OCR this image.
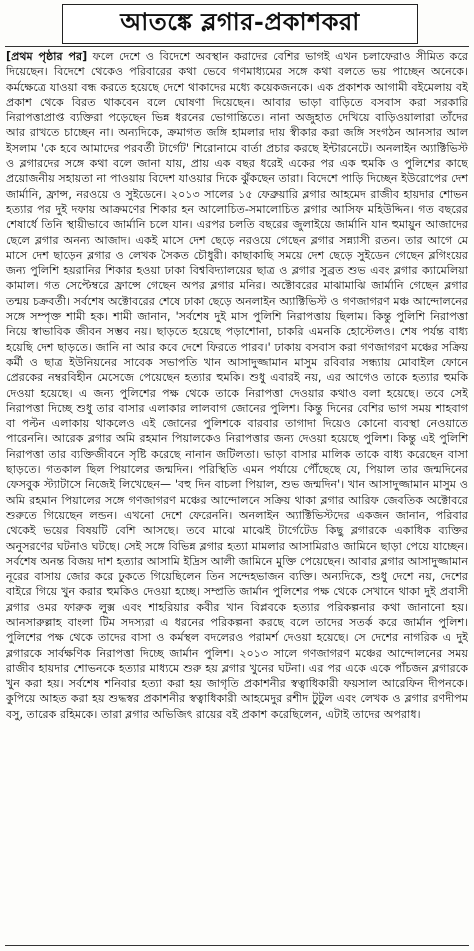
আতঙ্কে ব্লগার-প্রকাশকরা

[প্রথম পৃষ্ঠার পর] ফলে দেশে ও বিদেশে অবস্থান করাদের বেশির ভাগই এখন চলাফেরাও সীমিত করে দিয়েছেন। বিদেশে থেকেও পরিবারের কথা ভেবে গণমাধ্যমের সঙ্গে কথা বলতে ভয় পাচ্ছেন অনেকে। কর্মক্ষেত্রে যাওয়া বন্ধ করতে হয়েছে দেশে থাকাদের মধ্যে কয়েকজনকে। এক প্রকাশক আগামী বইমেলায় বই প্রকাশ থেকে বিরত থাকবেন বলে ঘোষণা দিয়েছেন। আবার ভাড়া বাড়িতে বসবাস করা সরকারি নিরাপত্তাপ্রাপ্ত ব্যক্তিরা পড়েছেন ভিন্ন ধরনের ভোগান্তিতে। নানা অজুহাত দেখিয়ে বাড়িওয়ালারা তাঁদের আর রাখতে চাচ্ছেন না। অন্যদিকে, ক্রমাগত জঙ্গি হামলার দায় স্বীকার করা জঙ্গি সংগঠন আনসার আল ইসলাম 'কে হবে আমাদের পরবর্তী টার্গেট' শিরোনামে বার্তা প্রচার করছে ইন্টারনেটে। অনলাইন অ্যাক্টিভিস্ট ও ব্লগারদের সঙ্গে কথা বলে জানা যায়, প্রায় এক বছর ধরেই একের পর এক হুমকি ও পুলিশের কাছে প্রয়োজনীয় সহায়তা না পাওয়ায় বিদেশ যাওয়ার দিকে ঝুঁকছেন তারা। বিদেশে পাড়ি দিচ্ছেন ইউরোপের দেশ জার্মানি, ফ্রান্স, নরওয়ে ও সুইডেনে। ২০১৩ সালের ১৫ ফেব্রুয়ারি ব্লগার আহমেদ রাজীব হায়দার শোভন হত্যার পর দুই দফায় আক্রমণের শিকার হন আলোচিত-সমালোচিত ব্লগার আসিফ মহিউদ্দিন। গত বছরের শেষার্ধে তিনি স্থায়ীভাবে জার্মানি চলে যান। এরপর চলতি বছরের জুলাইয়ে জার্মানি যান হুমায়ুন আজাদের ছেলে ব্লগার অনন্য আজাদ। একই মাসে দেশ ছেড়ে নরওয়ে গেছেন ব্লগার সন্ন্যাসী রতন। তার আগে মে মাসে দেশ ছাড়েন ব্লগার ও লেখক সৈকত চৌধুরী। কাছাকাছি সময়ে দেশ ছেড়ে সুইডেন গেছেন ব্লগিংয়ের জন্য পুলিশি হয়রানির শিকার হওয়া ঢাকা বিশ্ববিদ্যালয়ের ছাত্র ও ব্লগার সুব্রত শুভ এবং ব্লগার ক্যামেলিয়া কামাল। গত সেপ্টেম্বরে ফ্রান্সে গেছেন অপর ব্লগার মনির। অক্টোবরের মাঝামাঝি জার্মানি গেছেন ব্লগার তন্ময় চক্রবর্তী। সর্বশেষ অক্টোবরের শেষে ঢাকা ছেড়ে অনলাইন অ্যাক্টিভিস্ট ও গণজাগরণ মঞ্চ আন্দোলনের সঙ্গে সম্পৃক্ত শামী হক। শামী জানান, 'সর্বশেষ দুই মাস পুলিশি নিরাপত্তায় ছিলাম। কিন্তু পুলিশি নিরাপত্তা নিয়ে স্বাভাবিক জীবন সম্ভব নয়। ছাড়তে হয়েছে পড়াশোনা, চাকরি এমনকি হোস্টেলও। শেষ পর্যন্ত বাধ্য হয়েছি দেশ ছাড়তে। জানি না আর কবে দেশে ফিরতে পারব।' ঢাকায় বসবাস করা গণজাগরণ মঞ্চের সক্রিয় কর্মী ও ছাত্র ইউনিয়নের সাবেক সভাপতি খান আসাদুজ্জামান মাসুম রবিবার সন্ধ্যায় মোবাইল ফোনে প্রেরকের নম্বরবিহীন মেসেজে পেয়েছেন হত্যার হুমকি। শুধু এবারই নয়, এর আগেও তাকে হত্যার হুমকি দেওয়া হয়েছে। এ জন্য পুলিশের পক্ষ থেকে তাকে নিরাপত্তা দেওয়ার কথাও বলা হয়েছে। তবে সেই নিরাপত্তা দিচ্ছে শুধু তার বাসার এলাকার লালবাগ জোনের পুলিশ। কিন্তু দিনের বেশির ভাগ সময় শাহবাগ বা পল্টন এলাকায় থাকলেও এই জোনের পুলিশকে বারবার তাগাদা দিয়েও কোনো ব্যবস্থা নেওয়াতে পারেননি। আরেক ব্লগার অমি রহমান পিয়ালকেও নিরাপত্তার জন্য দেওয়া হয়েছে পুলিশ। কিন্তু এই পুলিশি নিরাপত্তা তার ব্যক্তিজীবনে সৃষ্টি করেছে নানান জটিলতা। ভাড়া বাসার মালিক তাকে বাধ্য করেছেন বাসা ছাড়তে। গতকাল ছিল পিয়ালের জন্মদিন। পরিস্থিতি এমন পর্যায়ে পৌঁছেছে যে, পিয়াল তার জন্মদিনের ফেসবুক স্ট্যাটাসে নিজেই লিখেছেন— 'বহু দিন বাচলা পিয়াল, শুভ জন্মদিন'। খান আসাদুজ্জামান মাসুম ও অমি রহমান পিয়ালের সঙ্গে গণজাগরণ মঞ্চের আন্দোলনে সক্রিয় থাকা ব্লগার আরিফ জেবতিক অক্টোবরে শুরুতে গিয়েছেন লন্ডন। এখনো দেশে ফেরেননি। অনলাইন অ্যাক্টিভিস্টদের একজন জানান, পরিবার থেকেই ভয়ের বিষয়টি বেশি আসছে। তবে মাঝে মাঝেই টার্গেটেড কিছু ব্লগারকে একাধিক ব্যক্তির অনুসরণের ঘটনাও ঘটছে। সেই সঙ্গে বিভিন্ন ব্লগার হত্যা মামলার আসামিরাও জামিনে ছাড়া পেয়ে যাচ্ছেন। সর্বশেষ অনন্ত বিজয় দাশ হত্যার আসামি ইদ্রিস আলী জামিনে মুক্তি পেয়েছেন। আবার ব্লগার আসাদুজ্জামান নূরের বাসায় জোর করে ঢুকতে গিয়েছিলেন তিন সন্দেহভাজন ব্যক্তি। অন্যদিকে, শুধু দেশে নয়, দেশের বাইরে গিয়ে খুন করার হুমকিও দেওয়া হচ্ছে। সম্প্রতি জার্মান পুলিশের পক্ষ থেকে সেখানে থাকা দুই প্রবাসী ব্লগার ওমর ফারুক লুক্স এবং শাহরিয়ার কবীর খান বিপ্লবকে হত্যার পরিকল্পনার কথা জানানো হয়। আনসারুল্লাহ বাংলা টিম সদস্যরা এ ধরনের পরিকল্পনা করছে বলে তাদের সতর্ক করে জার্মান পুলিশ। পুলিশের পক্ষ থেকে তাদের বাসা ও কর্মস্থল বদলেরও পরামর্শ দেওয়া হয়েছে। সে দেশের নাগরিক এ দুই ব্লগারকে সার্বক্ষণিক নিরাপত্তা দিচ্ছে জার্মান পুলিশ। ২০১৩ সালে গণজাগরণ মঞ্চের আন্দোলনের সময় রাজীব হায়দার শোভনকে হত্যার মাধ্যমে শুরু হয় ব্লগার খুনের ঘটনা। এর পর একে একে পাঁচজন ব্লগারকে খুন করা হয়। সর্বশেষ শনিবার হত্যা করা হয় জাগৃতি প্রকাশনীর স্বত্বাধিকারী ফয়সাল আরেফিন দীপনকে। কুপিয়ে আহত করা হয় শুদ্ধস্বর প্রকাশনীর স্বত্বাধিকারী আহমেদুর রশীদ টুটুল এবং লেখক ও ব্লগার রণদীপম বসু, তারেক রহিমকে। তারা ব্লগার অভিজিৎ রায়ের বই প্রকাশ করেছিলেন, এটাই তাদের অপরাধ।
